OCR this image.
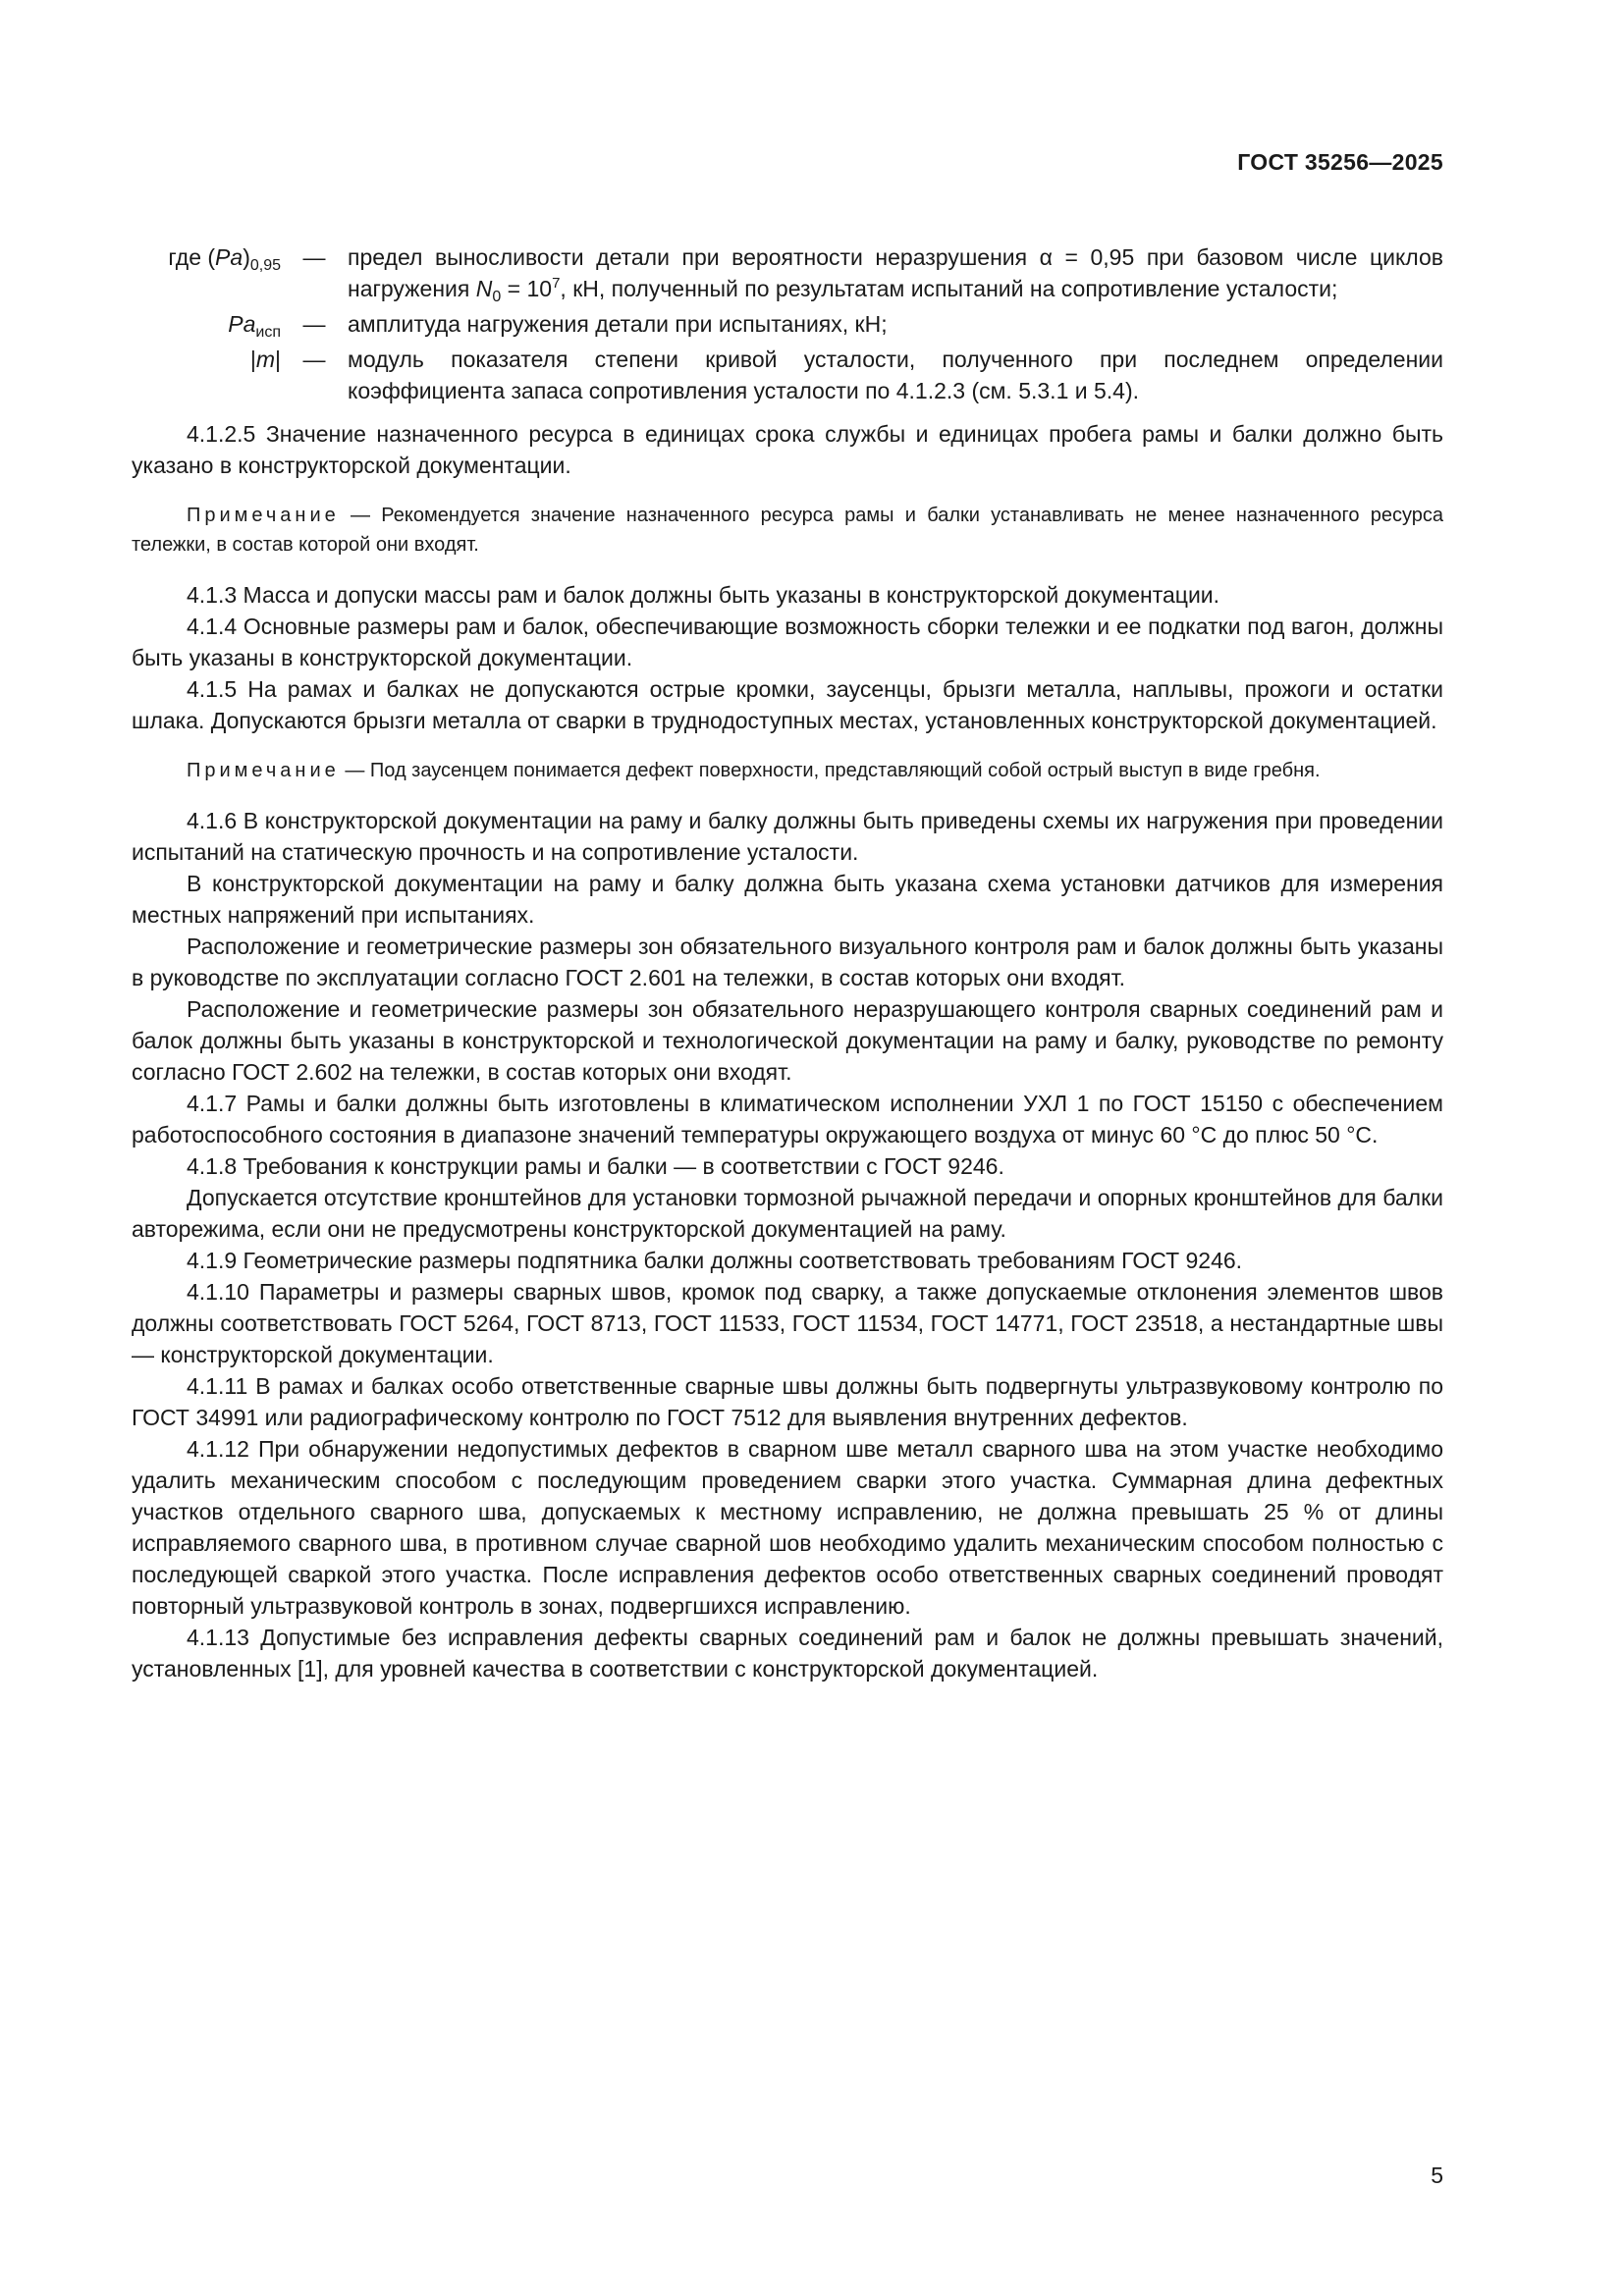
ГОСТ 35256—2025
где $(Pa)_{0,95}$ — предел выносливости детали при вероятности неразрушения α = 0,95 при базовом числе циклов нагружения $N_0 = 10^7$, кН, полученный по результатам испытаний на сопротивление усталости;
$Pa_{исп}$ — амплитуда нагружения детали при испытаниях, кН;
|m| — модуль показателя степени кривой усталости, полученного при последнем определении коэффициента запаса сопротивления усталости по 4.1.2.3 (см. 5.3.1 и 5.4).

4.1.2.5 Значение назначенного ресурса в единицах срока службы и единицах пробега рамы и балки должно быть указано в конструкторской документации.

Примечание — Рекомендуется значение назначенного ресурса рамы и балки устанавливать не менее назначенного ресурса тележки, в состав которой они входят.

4.1.3 Масса и допуски массы рам и балок должны быть указаны в конструкторской документации.

4.1.4 Основные размеры рам и балок, обеспечивающие возможность сборки тележки и ее подкатки под вагон, должны быть указаны в конструкторской документации.

4.1.5 На рамах и балках не допускаются острые кромки, заусенцы, брызги металла, наплывы, прожоги и остатки шлака. Допускаются брызги металла от сварки в труднодоступных местах, установленных конструкторской документацией.

Примечание — Под заусенцем понимается дефект поверхности, представляющий собой острый выступ в виде гребня.

4.1.6 В конструкторской документации на раму и балку должны быть приведены схемы их нагружения при проведении испытаний на статическую прочность и на сопротивление усталости.

В конструкторской документации на раму и балку должна быть указана схема установки датчиков для измерения местных напряжений при испытаниях.

Расположение и геометрические размеры зон обязательного визуального контроля рам и балок должны быть указаны в руководстве по эксплуатации согласно ГОСТ 2.601 на тележки, в состав которых они входят.

Расположение и геометрические размеры зон обязательного неразрушающего контроля сварных соединений рам и балок должны быть указаны в конструкторской и технологической документации на раму и балку, руководстве по ремонту согласно ГОСТ 2.602 на тележки, в состав которых они входят.

4.1.7 Рамы и балки должны быть изготовлены в климатическом исполнении УХЛ 1 по ГОСТ 15150 с обеспечением работоспособного состояния в диапазоне значений температуры окружающего воздуха от минус 60 °С до плюс 50 °С.

4.1.8 Требования к конструкции рамы и балки — в соответствии с ГОСТ 9246.

Допускается отсутствие кронштейнов для установки тормозной рычажной передачи и опорных кронштейнов для балки авторежима, если они не предусмотрены конструкторской документацией на раму.

4.1.9 Геометрические размеры подпятника балки должны соответствовать требованиям ГОСТ 9246.

4.1.10 Параметры и размеры сварных швов, кромок под сварку, а также допускаемые отклонения элементов швов должны соответствовать ГОСТ 5264, ГОСТ 8713, ГОСТ 11533, ГОСТ 11534, ГОСТ 14771, ГОСТ 23518, а нестандартные швы — конструкторской документации.

4.1.11 В рамах и балках особо ответственные сварные швы должны быть подвергнуты ультразвуковому контролю по ГОСТ 34991 или радиографическому контролю по ГОСТ 7512 для выявления внутренних дефектов.

4.1.12 При обнаружении недопустимых дефектов в сварном шве металл сварного шва на этом участке необходимо удалить механическим способом с последующим проведением сварки этого участка. Суммарная длина дефектных участков отдельного сварного шва, допускаемых к местному исправлению, не должна превышать 25 % от длины исправляемого сварного шва, в противном случае сварной шов необходимо удалить механическим способом полностью с последующей сваркой этого участка. После исправления дефектов особо ответственных сварных соединений проводят повторный ультразвуковой контроль в зонах, подвергшихся исправлению.

4.1.13 Допустимые без исправления дефекты сварных соединений рам и балок не должны превышать значений, установленных [1], для уровней качества в соответствии с конструкторской документацией.

5
